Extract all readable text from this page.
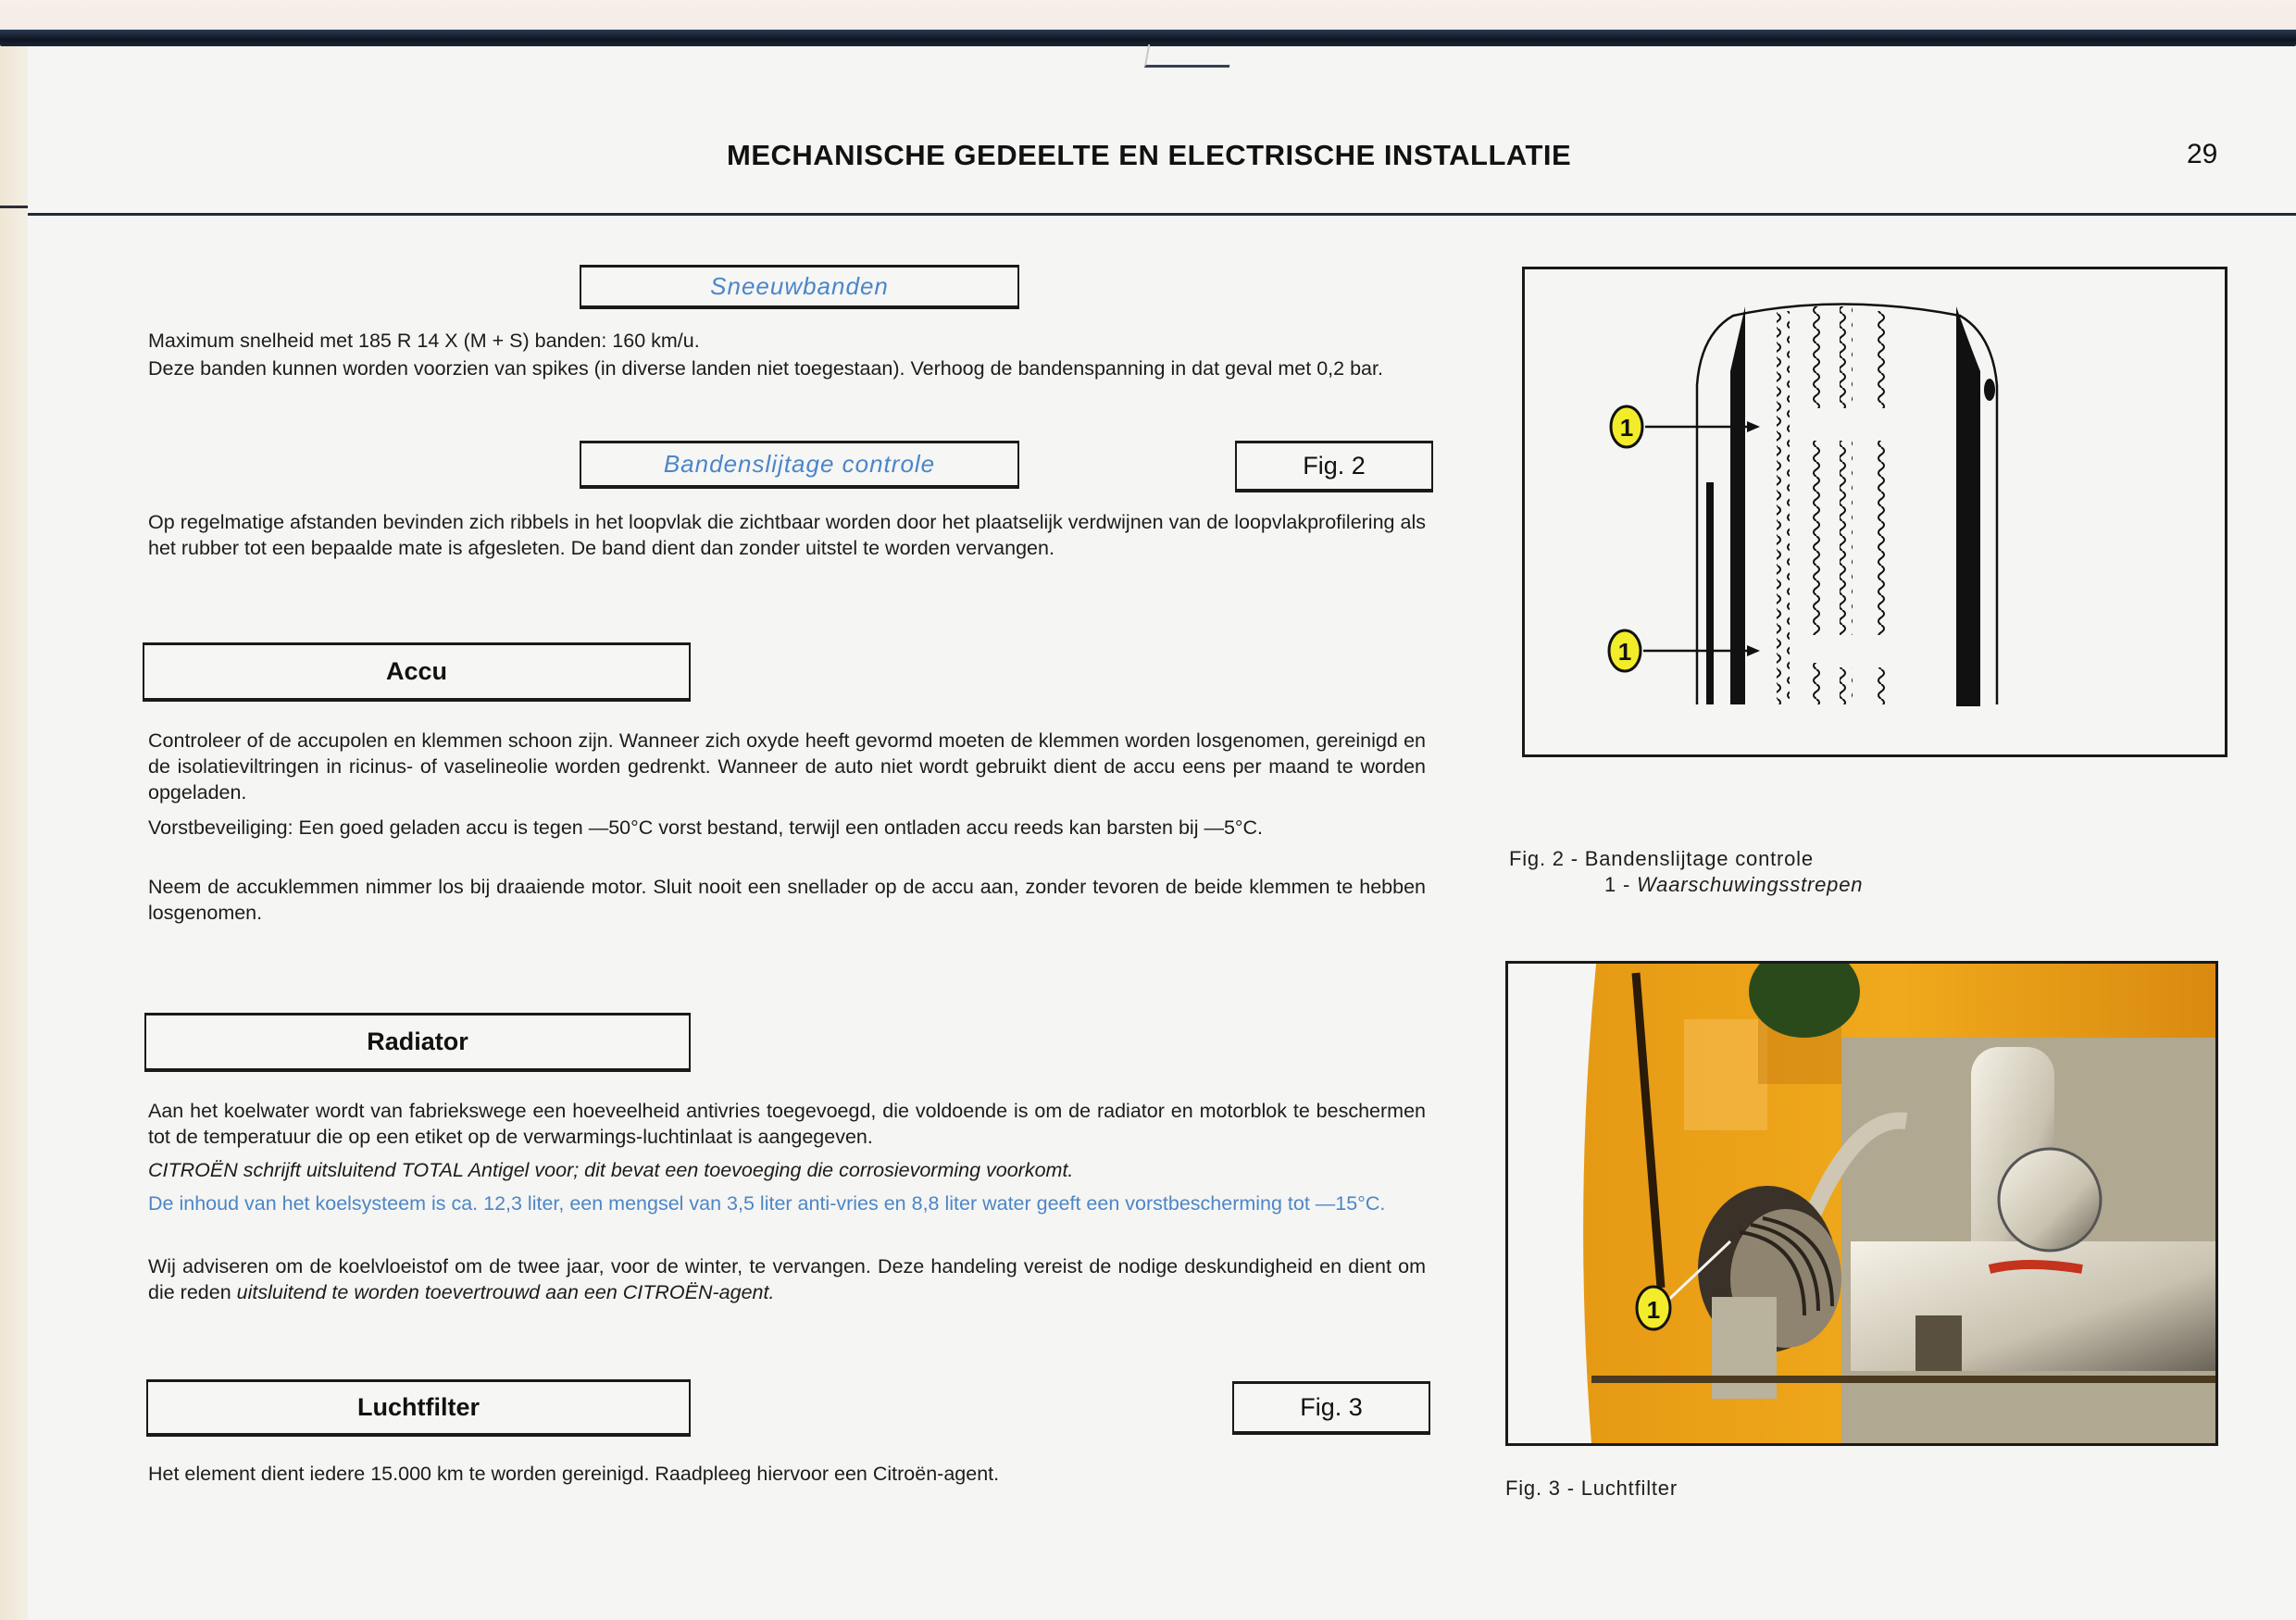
MECHANISCHE GEDEELTE EN ELECTRISCHE INSTALLATIE	29
Sneeuwbanden

Maximum snelheid met 185 R 14 X (M + S) banden: 160 km/u.

Deze banden kunnen worden voorzien van spikes (in diverse landen niet toegestaan). Verhoog de bandenspanning in dat geval met 0,2 bar.

Bandenslijtage controle	Fig. 2

Op regelmatige afstanden bevinden zich ribbels in het loopvlak die zichtbaar worden door het plaatselijk verdwijnen van de loopvlakprofilering als het rubber tot een bepaalde mate is afgesleten. De band dient dan zonder uitstel te worden vervangen.

Accu

Controleer of de accupolen en klemmen schoon zijn. Wanneer zich oxyde heeft gevormd moeten de klemmen worden losgenomen, gereinigd en de isolatieviltringen in ricinus- of vaselineolie worden gedrenkt. Wanneer de auto niet wordt gebruikt dient de accu eens per maand te worden opgeladen.

Vorstbeveiliging: Een goed geladen accu is tegen —50°C vorst bestand, terwijl een ontladen accu reeds kan barsten bij —5°C.

Neem de accuklemmen nimmer los bij draaiende motor. Sluit nooit een snellader op de accu aan, zonder tevoren de beide klemmen te hebben losgenomen.

Radiator

Aan het koelwater wordt van fabriekswege een hoeveelheid antivries toegevoegd, die voldoende is om de radiator en motorblok te beschermen tot de temperatuur die op een etiket op de verwarmings-luchtinlaat is aangegeven.

CITROËN schrijft uitsluitend TOTAL Antigel voor; dit bevat een toevoeging die corrosievorming voorkomt.

De inhoud van het koelsysteem is ca. 12,3 liter, een mengsel van 3,5 liter anti-vries en 8,8 liter water geeft een vorstbescherming tot —15°C.

Wij adviseren om de koelvloeistof om de twee jaar, voor de winter, te vervangen. Deze handeling vereist de nodige deskundigheid en dient om die reden uitsluitend te worden toevertrouwd aan een CITROËN-agent.

Luchtfilter	Fig. 3

Het element dient iedere 15.000 km te worden gereinigd. Raadpleeg hiervoor een Citroën-agent.

1
1
Fig. 2 - Bandenslijtage controle
1 - Waarschuwingsstrepen
1
Fig. 3 - Luchtfilter
